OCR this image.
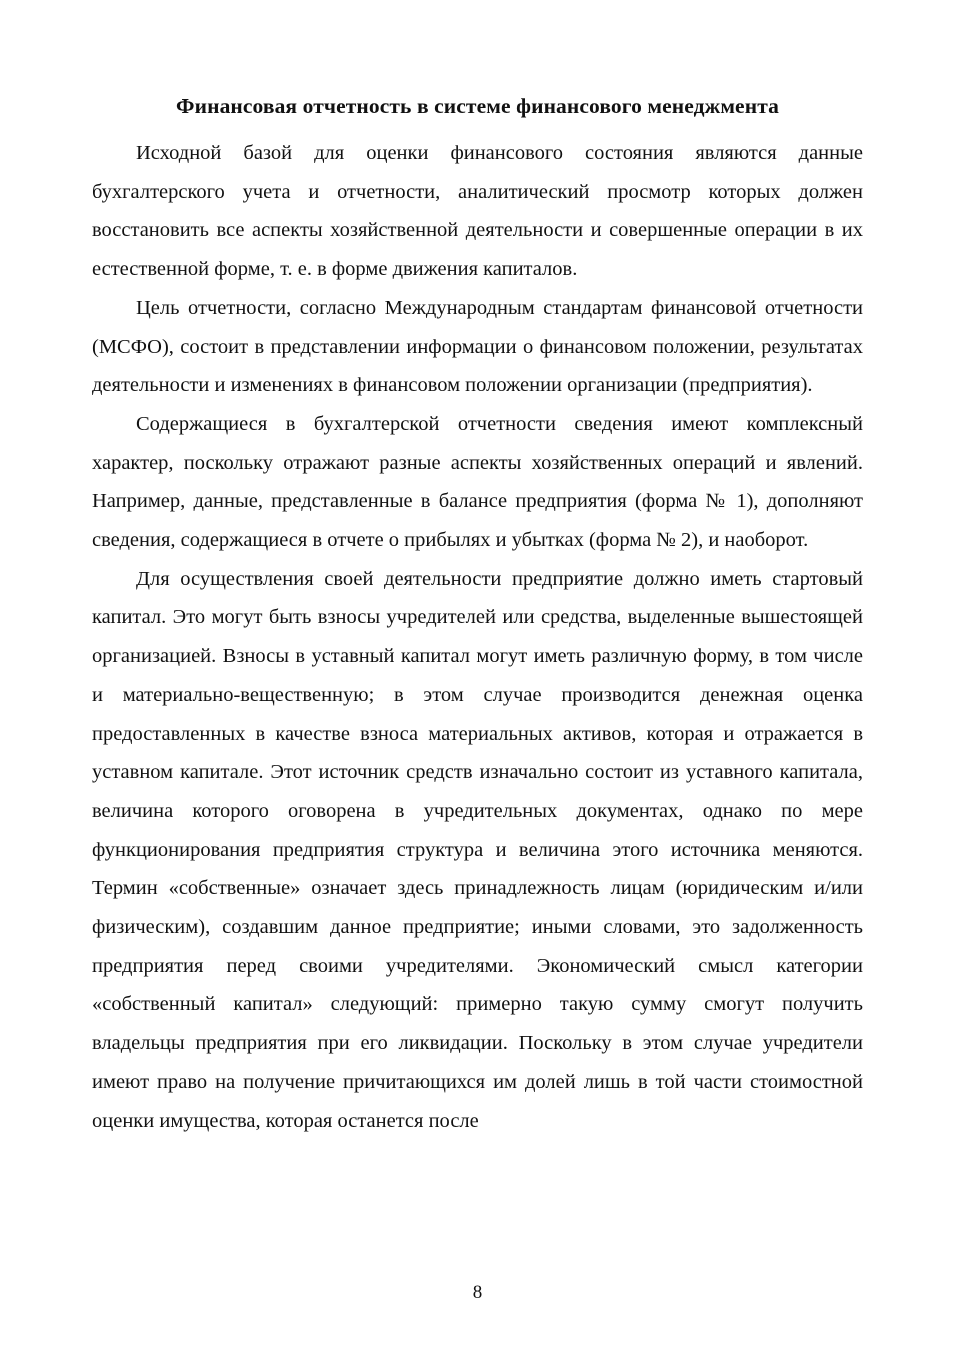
Финансовая отчетность в системе финансового менеджмента

Исходной базой для оценки финансового состояния являются данные бухгалтерского учета и отчетности, аналитический просмотр которых должен восстановить все аспекты хозяйственной деятельности и совершенные операции в их естественной форме, т. е. в форме движения капиталов.

Цель отчетности, согласно Международным стандартам финансовой отчетности (МСФО), состоит в представлении информации о финансовом положении, результатах деятельности и изменениях в финансовом положении организации (предприятия).

Содержащиеся в бухгалтерской отчетности сведения имеют комплексный характер, поскольку отражают разные аспекты хозяйственных операций и явлений. Например, данные, представленные в балансе предприятия (форма № 1), дополняют сведения, содержащиеся в отчете о прибылях и убытках (форма № 2), и наоборот.

Для осуществления своей деятельности предприятие должно иметь стартовый капитал. Это могут быть взносы учредителей или средства, выделенные вышестоящей организацией. Взносы в уставный капитал могут иметь различную форму, в том числе и материально-вещественную; в этом случае производится денежная оценка предоставленных в качестве взноса материальных активов, которая и отражается в уставном капитале. Этот источник средств изначально состоит из уставного капитала, величина которого оговорена в учредительных документах, однако по мере функционирования предприятия структура и величина этого источника меняются. Термин «собственные» означает здесь принадлежность лицам (юридическим и/или физическим), создавшим данное предприятие; иными словами, это задолженность предприятия перед своими учредителями. Экономический смысл категории «собственный капитал» следующий: примерно такую сумму смогут получить владельцы предприятия при его ликвидации. Поскольку в этом случае учредители имеют право на получение причитающихся им долей лишь в той части стоимостной оценки имущества, которая останется после

8
